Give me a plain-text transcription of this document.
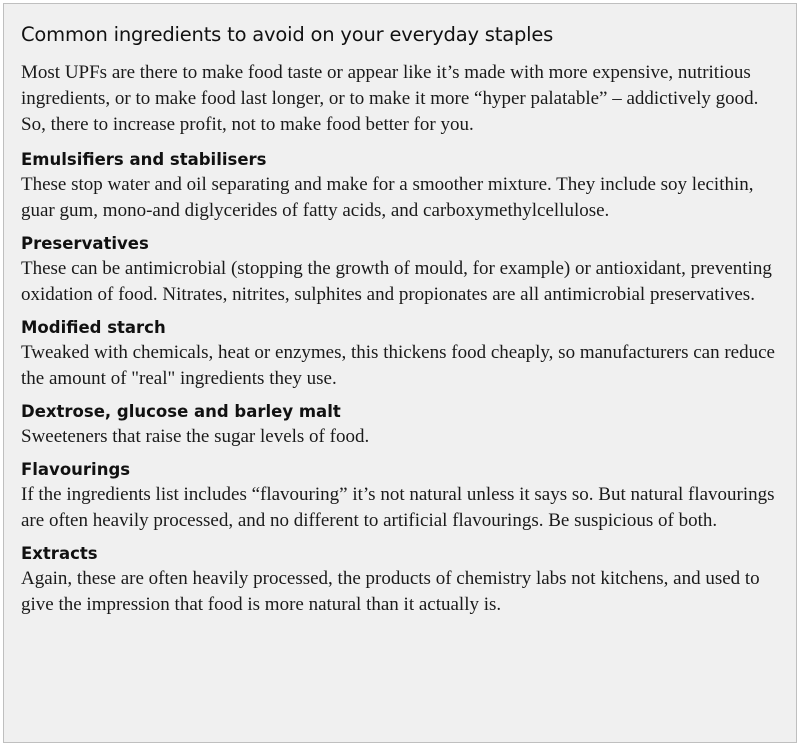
Common ingredients to avoid on your everyday staples

Most UPFs are there to make food taste or appear like it’s made with more expensive, nutritious ingredients, or to make food last longer, or to make it more “hyper palatable” – addictively good. So, there to increase profit, not to make food better for you.

Emulsifiers and stabilisers

These stop water and oil separating and make for a smoother mixture. They include soy lecithin, guar gum, mono-and diglycerides of fatty acids, and carboxymethylcellulose.

Preservatives

These can be antimicrobial (stopping the growth of mould, for example) or antioxidant, preventing oxidation of food. Nitrates, nitrites, sulphites and propionates are all antimicrobial preservatives.

Modified starch

Tweaked with chemicals, heat or enzymes, this thickens food cheaply, so manufacturers can reduce the amount of "real" ingredients they use.

Dextrose, glucose and barley malt

Sweeteners that raise the sugar levels of food.

Flavourings

If the ingredients list includes “flavouring” it’s not natural unless it says so. But natural flavourings are often heavily processed, and no different to artificial flavourings. Be suspicious of both.

Extracts

Again, these are often heavily processed, the products of chemistry labs not kitchens, and used to give the impression that food is more natural than it actually is.
